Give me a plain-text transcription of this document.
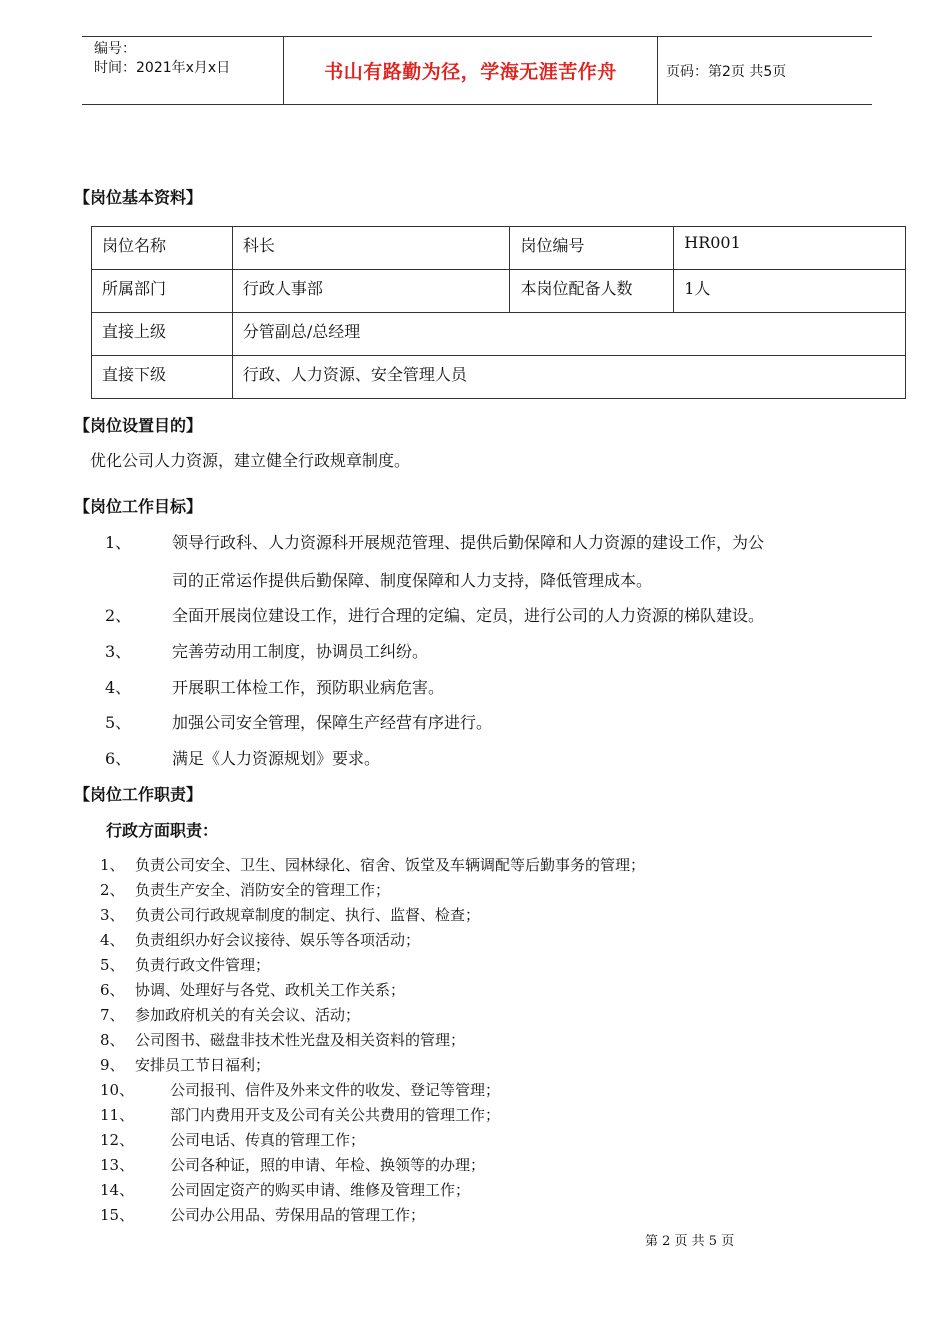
编号：
时间：2021年x月x日	书山有路勤为径，学海无涯苦作舟	页码：第2页 共5页
【岗位基本资料】
岗位名称	科长	岗位编号	HR001
所属部门	行政人事部	本岗位配备人数	1人
直接上级	分管副总/总经理		
直接下级	行政、人力资源、安全管理人员		
【岗位设置目的】
优化公司人力资源，建立健全行政规章制度。
【岗位工作目标】
1、	领导行政科、人力资源科开展规范管理、提供后勤保障和人力资源的建设工作，为公
司的正常运作提供后勤保障、制度保障和人力支持，降低管理成本。
2、	全面开展岗位建设工作，进行合理的定编、定员，进行公司的人力资源的梯队建设。
3、	完善劳动用工制度，协调员工纠纷。
4、	开展职工体检工作，预防职业病危害。
5、	加强公司安全管理，保障生产经营有序进行。
6、	满足《人力资源规划》要求。
【岗位工作职责】
行政方面职责：
1、 负责公司安全、卫生、园林绿化、宿舍、饭堂及车辆调配等后勤事务的管理；
2、 负责生产安全、消防安全的管理工作；
3、 负责公司行政规章制度的制定、执行、监督、检查；
4、 负责组织办好会议接待、娱乐等各项活动；
5、 负责行政文件管理；
6、 协调、处理好与各党、政机关工作关系；
7、 参加政府机关的有关会议、活动；
8、 公司图书、磁盘非技术性光盘及相关资料的管理；
9、 安排员工节日福利；
10、 公司报刊、信件及外来文件的收发、登记等管理；
11、 部门内费用开支及公司有关公共费用的管理工作；
12、 公司电话、传真的管理工作；
13、 公司各种证，照的申请、年检、换领等的办理；
14、 公司固定资产的购买申请、维修及管理工作；
15、 公司办公用品、劳保用品的管理工作；
第 2 页 共 5 页
